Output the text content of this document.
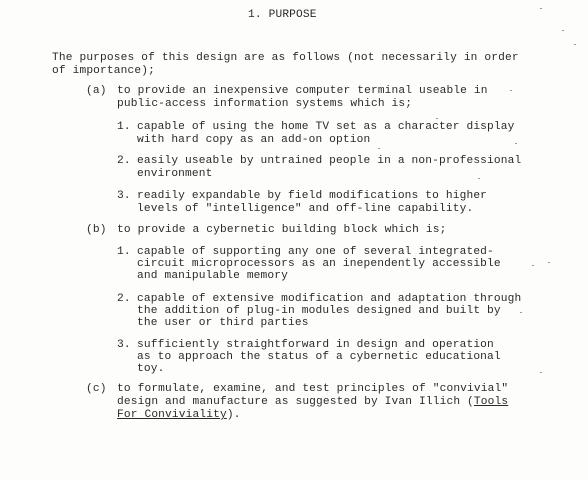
1. PURPOSE
The purposes of this design are as follows (not necessarily in order
of importance);
(a) to provide an inexpensive computer terminal useable in
public-access information systems which is;
1. capable of using the home TV set as a character display
with hard copy as an add-on option
2. easily useable by untrained people in a non-professional
environment
3. readily expandable by field modifications to higher
levels of "intelligence" and off-line capability.
(b) to provide a cybernetic building block which is;
1. capable of supporting any one of several integrated-
circuit microprocessors as an inependently accessible
and manipulable memory
2. capable of extensive modification and adaptation through
the addition of plug-in modules designed and built by
the user or third parties
3. sufficiently straightforward in design and operation
as to approach the status of a cybernetic educational
toy.
(c) to formulate, examine, and test principles of "convivial"
design and manufacture as suggested by Ivan Illich (Tools
For Conviviality).
